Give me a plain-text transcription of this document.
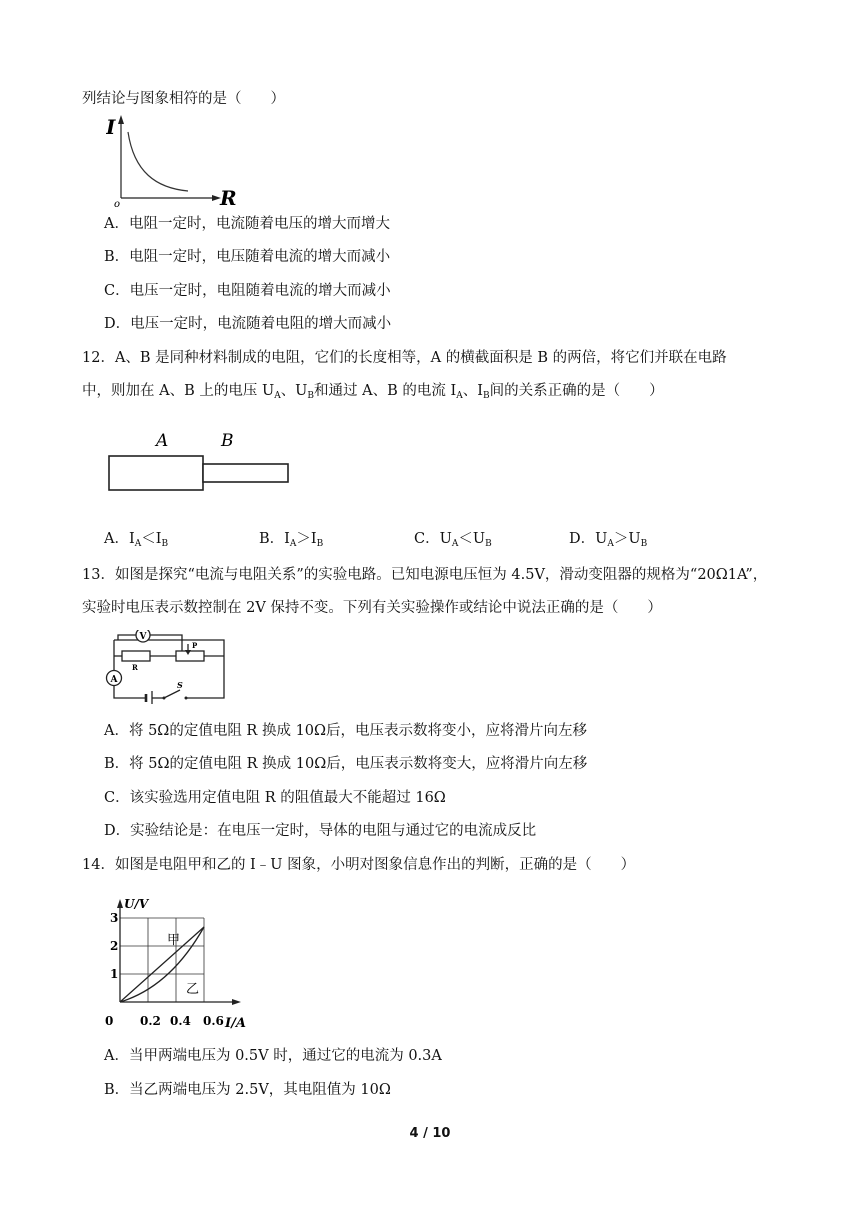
列结论与图象相符的是（　　）
I
R
o
A．电阻一定时，电流随着电压的增大而增大
B．电阻一定时，电压随着电流的增大而减小
C．电压一定时，电阻随着电流的增大而减小
D．电压一定时，电流随着电阻的增大而减小
12．A、B 是同种材料制成的电阻，它们的长度相等，A 的横截面积是 B 的两倍，将它们并联在电路
中，则加在 A、B 上的电压 $U_A$、$U_B$和通过 A、B 的电流 $I_A$、$I_B$间的关系正确的是（　　）
A	B
A．$I_A<I_B$	B．$I_A>I_B$	C．$U_A<U_B$	D．$U_A>U_B$
13．如图是探究“电流与电阻关系”的实验电路。已知电源电压恒为 4.5V，滑动变阻器的规格为“20Ω1A”，
实验时电压表示数控制在 2V 保持不变。下列有关实验操作或结论中说法正确的是（　　）
V
A
R
P
S
A．将 5Ω的定值电阻 R 换成 10Ω后，电压表示数将变小，应将滑片向左移
B．将 5Ω的定值电阻 R 换成 10Ω后，电压表示数将变大，应将滑片向左移
C．该实验选用定值电阻 R 的阻值最大不能超过 16Ω
D．实验结论是：在电压一定时，导体的电阻与通过它的电流成反比
14．如图是电阻甲和乙的 I﹣U 图象，小明对图象信息作出的判断，正确的是（　　）
U/V
3
2
1
0 0.2 0.4 0.6 I/A
甲
乙
A．当甲两端电压为 0.5V 时，通过它的电流为 0.3A
B．当乙两端电压为 2.5V，其电阻值为 10Ω
4 / 10
